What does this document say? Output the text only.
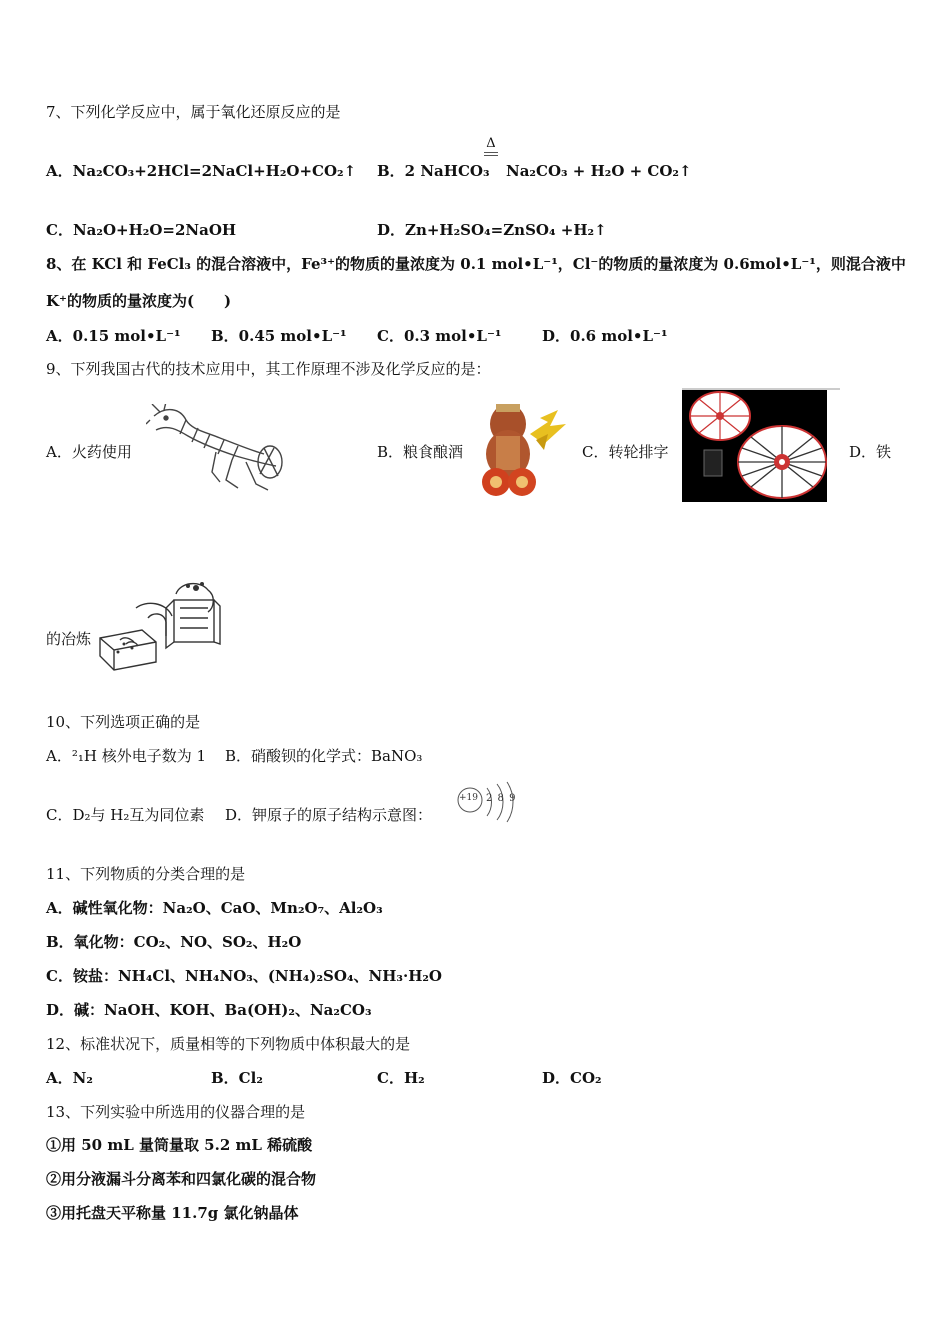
7、下列化学反应中，属于氧化还原反应的是
A．Na₂CO₃+2HCl=2NaCl+H₂O+CO₂↑
Δ
B．2 NaHCO₃ Na₂CO₃ + H₂O + CO₂↑
C．Na₂O+H₂O=2NaOH	D．Zn+H₂SO₄=ZnSO₄ +H₂↑
8、在 KCl 和 FeCl₃ 的混合溶液中，Fe³⁺的物质的量浓度为 0.1 mol•L⁻¹，Cl⁻的物质的量浓度为 0.6mol•L⁻¹，则混合液中
K⁺的物质的量浓度为(　　)
A．0.15 mol•L⁻¹ B．0.45 mol•L⁻¹ C．0.3 mol•L⁻¹	D．0.6 mol•L⁻¹
9、下列我国古代的技术应用中，其工作原理不涉及化学反应的是：
A．火药使用	B．粮食酿酒	C．转轮排字	D．铁
的冶炼
10、下列选项正确的是
A．²₁H 核外电子数为 1 B．硝酸钡的化学式：BaNO₃
C．D₂与 H₂互为同位素 D．钾原子的原子结构示意图：
+19 2 8 9
11、下列物质的分类合理的是
A．碱性氧化物：Na₂O、CaO、Mn₂O₇、Al₂O₃
B．氧化物：CO₂、NO、SO₂、H₂O
C．铵盐：NH₄Cl、NH₄NO₃、(NH₄)₂SO₄、NH₃·H₂O
D．碱：NaOH、KOH、Ba(OH)₂、Na₂CO₃
12、标准状况下，质量相等的下列物质中体积最大的是
A．N₂	B．Cl₂	C．H₂	D．CO₂
13、下列实验中所选用的仪器合理的是
①用 50 mL 量筒量取 5.2 mL 稀硫酸
②用分液漏斗分离苯和四氯化碳的混合物
③用托盘天平称量 11.7g 氯化钠晶体
